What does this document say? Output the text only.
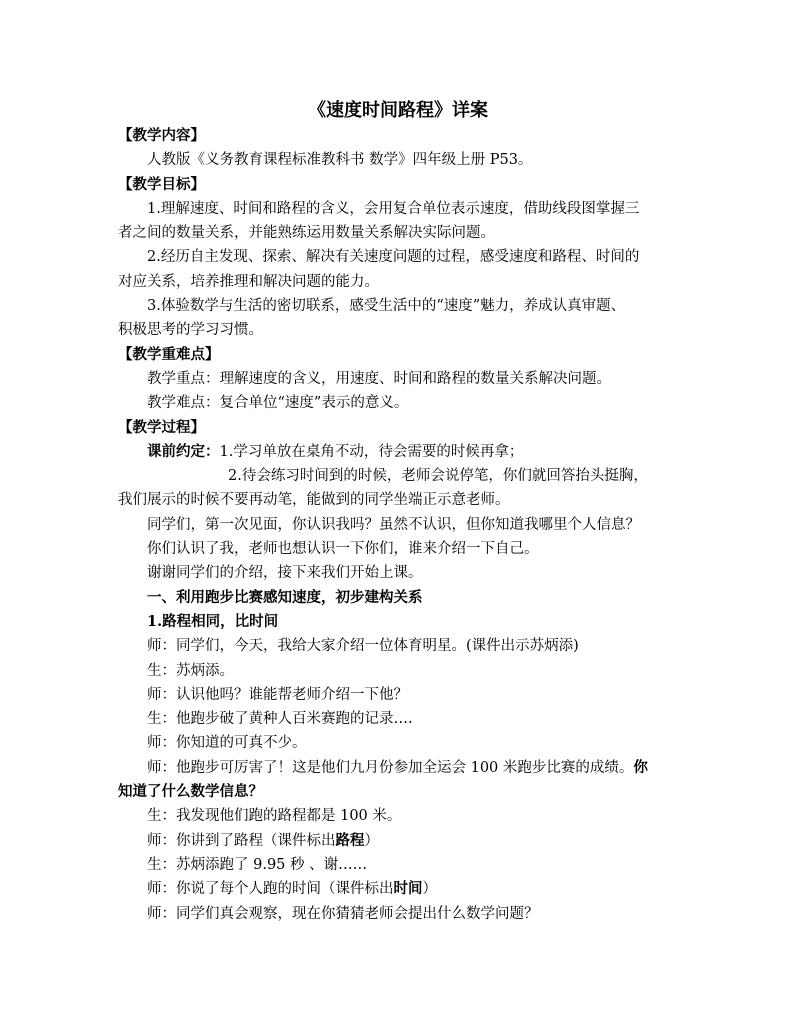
《速度时间路程》详案
【教学内容】
人教版《义务教育课程标准教科书 数学》四年级上册 P53。
【教学目标】
1.理解速度、时间和路程的含义，会用复合单位表示速度，借助线段图掌握三
者之间的数量关系，并能熟练运用数量关系解决实际问题。
2.经历自主发现、探索、解决有关速度问题的过程，感受速度和路程、时间的
对应关系，培养推理和解决问题的能力。
3.体验数学与生活的密切联系，感受生活中的“速度”魅力，养成认真审题、
积极思考的学习习惯。
【教学重难点】
教学重点：理解速度的含义，用速度、时间和路程的数量关系解决问题。
教学难点：复合单位“速度”表示的意义。
【教学过程】
课前约定：1.学习单放在桌角不动，待会需要的时候再拿；
2.待会练习时间到的时候，老师会说停笔，你们就回答抬头挺胸，
我们展示的时候不要再动笔，能做到的同学坐端正示意老师。
同学们，第一次见面，你认识我吗？虽然不认识，但你知道我哪里个人信息？
你们认识了我，老师也想认识一下你们，谁来介绍一下自己。
谢谢同学们的介绍，接下来我们开始上课。
一、利用跑步比赛感知速度，初步建构关系
1.路程相同，比时间
师：同学们，今天，我给大家介绍一位体育明星。(课件出示苏炳添)
生：苏炳添。
师：认识他吗？谁能帮老师介绍一下他？
生：他跑步破了黄种人百米赛跑的记录….
师：你知道的可真不少。
师：他跑步可厉害了！这是他们九月份参加全运会 100 米跑步比赛的成绩。你
知道了什么数学信息？
生：我发现他们跑的路程都是 100 米。
师：你讲到了路程（课件标出路程）
生：苏炳添跑了 9.95 秒 、谢……
师：你说了每个人跑的时间（课件标出时间）
师：同学们真会观察，现在你猜猜老师会提出什么数学问题？
